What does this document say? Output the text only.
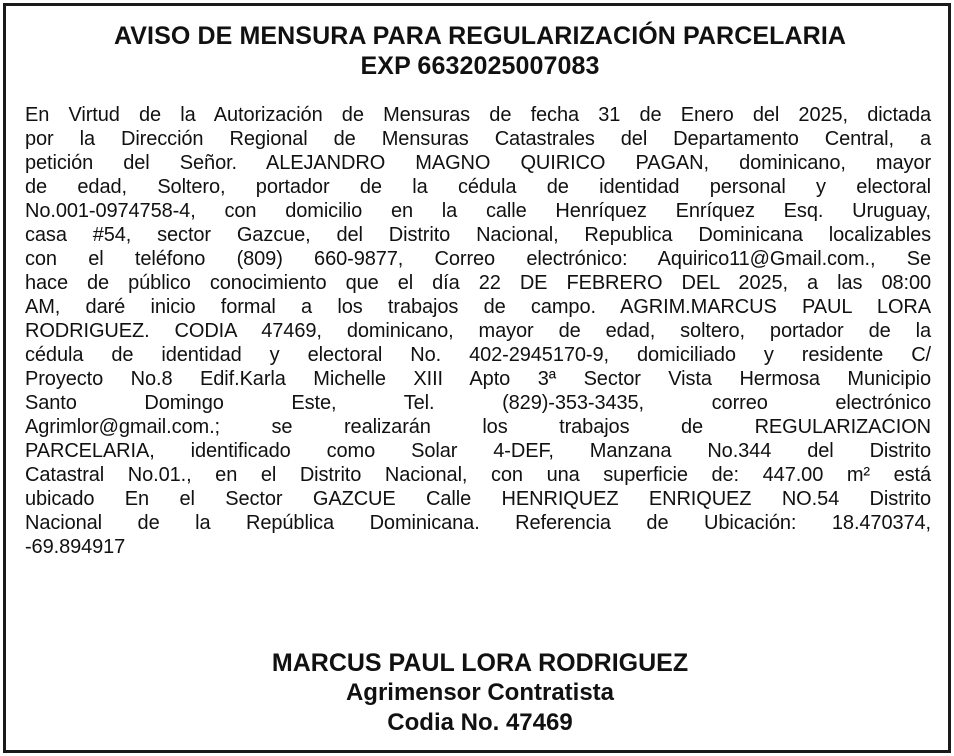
AVISO DE MENSURA PARA REGULARIZACIÓN PARCELARIA
EXP 6632025007083
En Virtud de la Autorización de Mensuras de fecha 31 de Enero del 2025, dictada
por la Dirección Regional de Mensuras Catastrales del Departamento Central, a
petición del Señor. ALEJANDRO MAGNO QUIRICO PAGAN, dominicano, mayor
de edad, Soltero, portador de la cédula de identidad personal y electoral
No.001-0974758-4, con domicilio en la calle Henríquez Enríquez Esq. Uruguay,
casa #54, sector Gazcue, del Distrito Nacional, Republica Dominicana localizables
con el teléfono (809) 660-9877, Correo electrónico: Aquirico11@Gmail.com., Se
hace de público conocimiento que el día 22 DE FEBRERO DEL 2025, a las 08:00
AM, daré inicio formal a los trabajos de campo. AGRIM.MARCUS PAUL LORA
RODRIGUEZ. CODIA 47469, dominicano, mayor de edad, soltero, portador de la
cédula de identidad y electoral No. 402-2945170-9, domiciliado y residente C/
Proyecto No.8 Edif.Karla Michelle XIII Apto 3ª Sector Vista Hermosa Municipio
Santo Domingo Este, Tel. (829)-353-3435, correo electrónico
Agrimlor@gmail.com.; se realizarán los trabajos de REGULARIZACION
PARCELARIA, identificado como Solar 4-DEF, Manzana No.344 del Distrito
Catastral No.01., en el Distrito Nacional, con una superficie de: 447.00 m² está
ubicado En el Sector GAZCUE Calle HENRIQUEZ ENRIQUEZ NO.54 Distrito
Nacional de la República Dominicana. Referencia de Ubicación: 18.470374,
-69.894917
MARCUS PAUL LORA RODRIGUEZ
Agrimensor Contratista
Codia No. 47469
